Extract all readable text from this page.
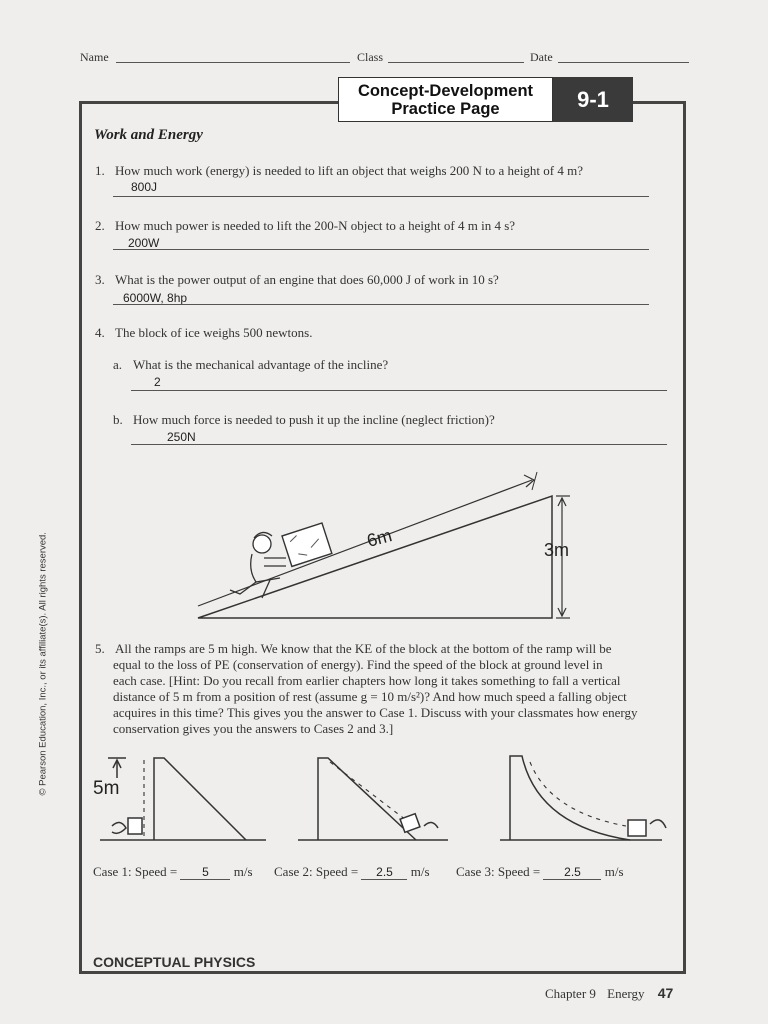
Name	Class	Date
Concept-Development
Practice Page	9-1
Work and Energy
1. How much work (energy) is needed to lift an object that weighs 200 N to a height of 4 m?
800J
2. How much power is needed to lift the 200-N object to a height of 4 m in 4 s?
200W
3. What is the power output of an engine that does 60,000 J of work in 10 s?
6000W, 8hp
4. The block of ice weighs 500 newtons.
a. What is the mechanical advantage of the incline?
2
b. How much force is needed to push it up the incline (neglect friction)?
250N
6m	3m
5. All the ramps are 5 m high. We know that the KE of the block at the bottom of the ramp will be
equal to the loss of PE (conservation of energy). Find the speed of the block at ground level in
each case. [Hint: Do you recall from earlier chapters how long it takes something to fall a vertical
distance of 5 m from a position of rest (assume g = 10 m/s²)? And how much speed a falling object
acquires in this time? This gives you the answer to Case 1. Discuss with your classmates how energy
conservation gives you the answers to Cases 2 and 3.]
5m
Case 1: Speed = 5 m/s Case 2: Speed = 2.5 m/s Case 3: Speed = 2.5 m/s
CONCEPTUAL PHYSICS
Chapter 9 Energy 47
© Pearson Education, Inc., or its affiliate(s). All rights reserved.
